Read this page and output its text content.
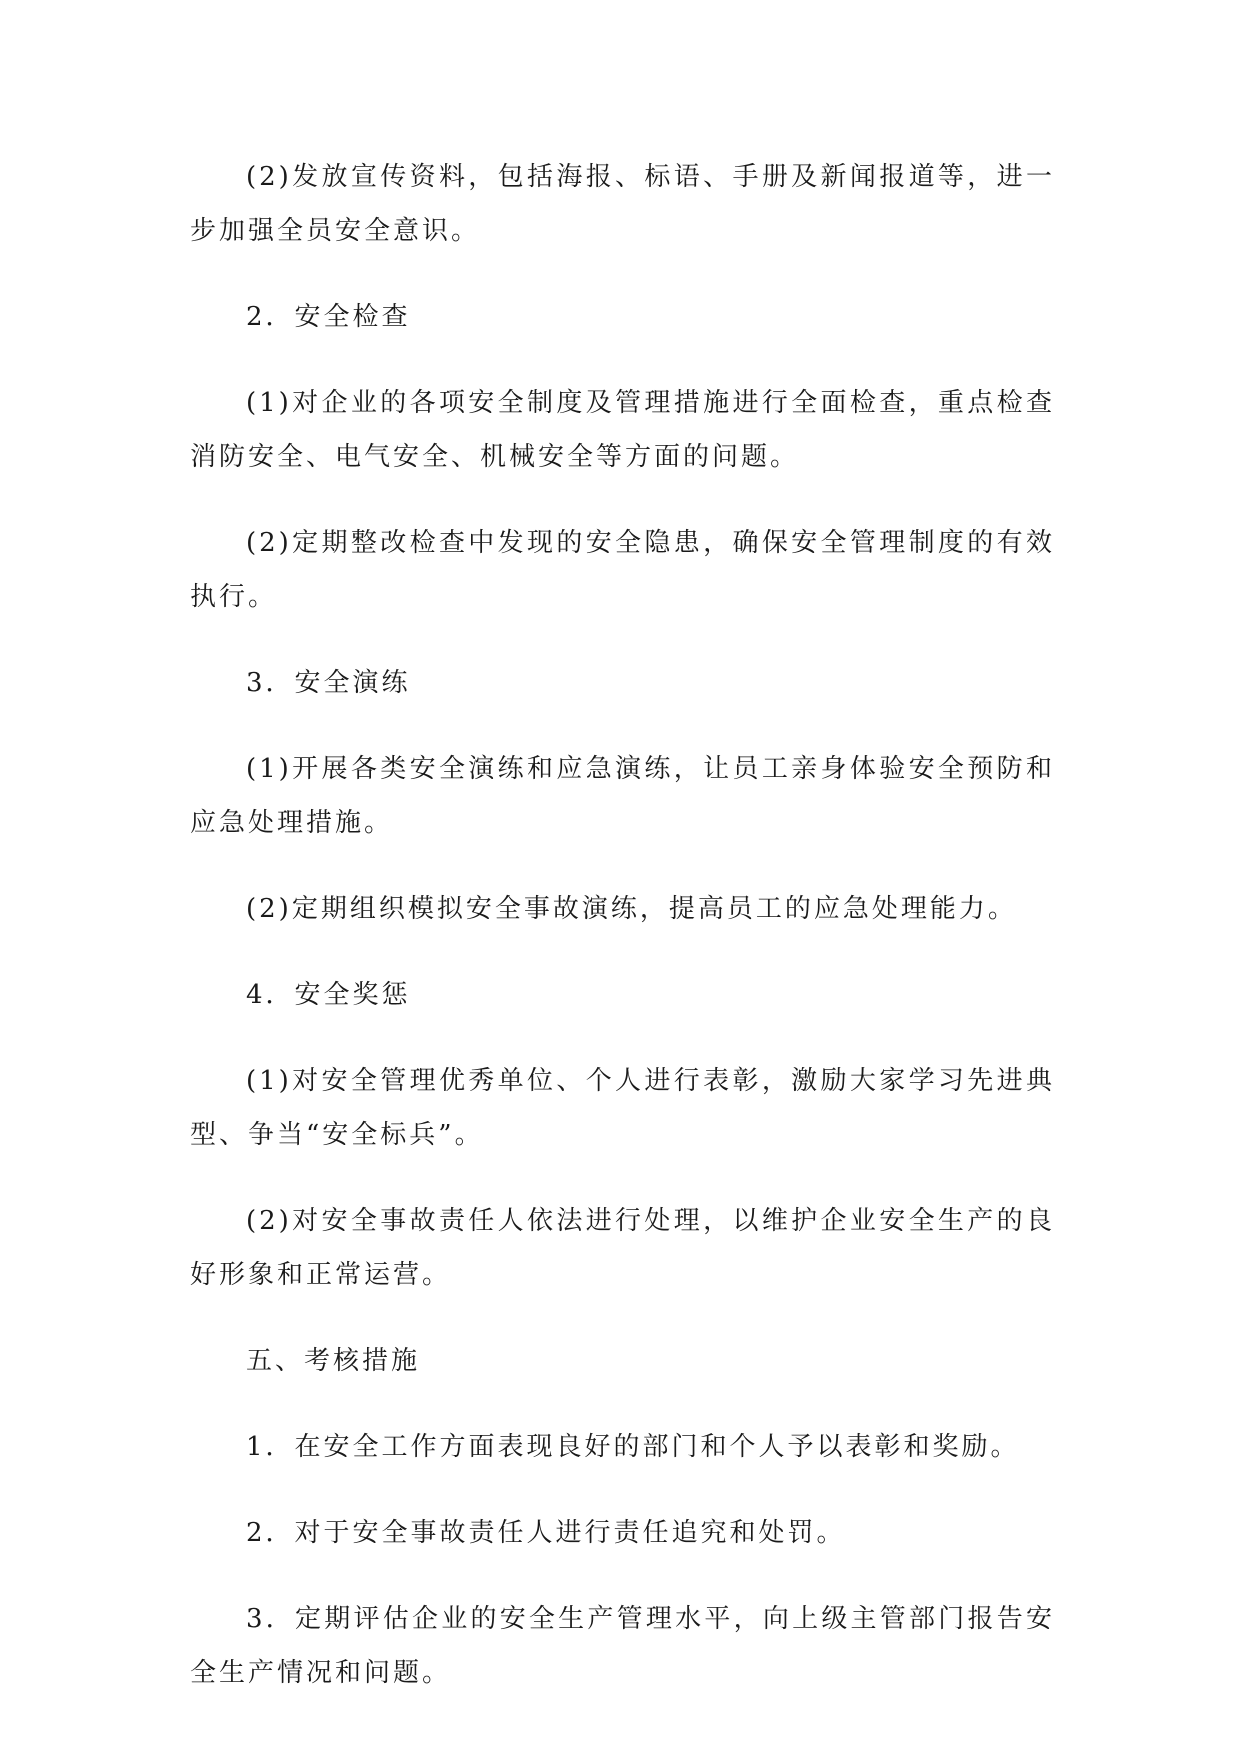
(2)发放宣传资料，包括海报、标语、手册及新闻报道等，进一步加强全员安全意识。

2．安全检查

(1)对企业的各项安全制度及管理措施进行全面检查，重点检查消防安全、电气安全、机械安全等方面的问题。

(2)定期整改检查中发现的安全隐患，确保安全管理制度的有效执行。

3．安全演练

(1)开展各类安全演练和应急演练，让员工亲身体验安全预防和应急处理措施。

(2)定期组织模拟安全事故演练，提高员工的应急处理能力。

4．安全奖惩

(1)对安全管理优秀单位、个人进行表彰，激励大家学习先进典型、争当“安全标兵”。

(2)对安全事故责任人依法进行处理，以维护企业安全生产的良好形象和正常运营。

五、考核措施

1．在安全工作方面表现良好的部门和个人予以表彰和奖励。

2．对于安全事故责任人进行责任追究和处罚。

3．定期评估企业的安全生产管理水平，向上级主管部门报告安全生产情况和问题。
